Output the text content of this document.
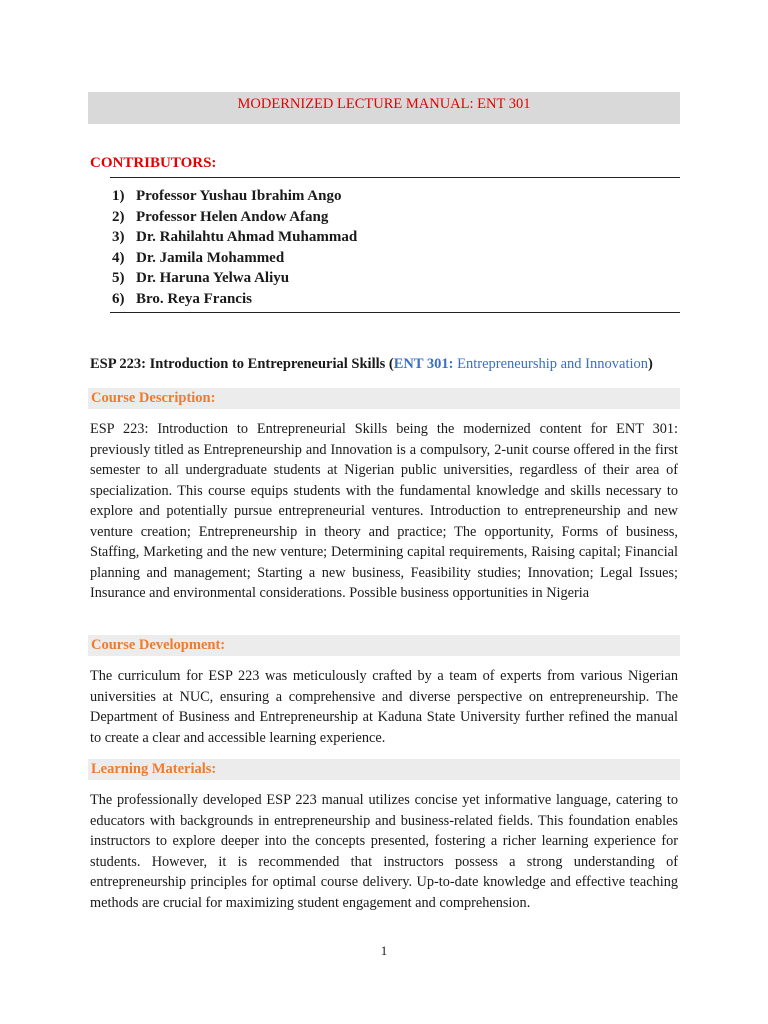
MODERNIZED LECTURE MANUAL: ENT 301
CONTRIBUTORS:
1) Professor Yushau Ibrahim Ango
2) Professor Helen Andow Afang
3) Dr. Rahilahtu Ahmad Muhammad
4) Dr. Jamila Mohammed
5) Dr. Haruna Yelwa Aliyu
6) Bro. Reya Francis
ESP 223: Introduction to Entrepreneurial Skills (ENT 301: Entrepreneurship and Innovation)
Course Description:

ESP 223: Introduction to Entrepreneurial Skills being the modernized content for ENT 301: previously titled as Entrepreneurship and Innovation is a compulsory, 2-unit course offered in the first semester to all undergraduate students at Nigerian public universities, regardless of their area of specialization. This course equips students with the fundamental knowledge and skills necessary to explore and potentially pursue entrepreneurial ventures. Introduction to entrepreneurship and new venture creation; Entrepreneurship in theory and practice; The opportunity, Forms of business, Staffing, Marketing and the new venture; Determining capital requirements, Raising capital; Financial planning and management; Starting a new business, Feasibility studies; Innovation; Legal Issues; Insurance and environmental considerations. Possible business opportunities in Nigeria

Course Development:

The curriculum for ESP 223 was meticulously crafted by a team of experts from various Nigerian universities at NUC, ensuring a comprehensive and diverse perspective on entrepreneurship. The Department of Business and Entrepreneurship at Kaduna State University further refined the manual to create a clear and accessible learning experience.

Learning Materials:

The professionally developed ESP 223 manual utilizes concise yet informative language, catering to educators with backgrounds in entrepreneurship and business-related fields. This foundation enables instructors to explore deeper into the concepts presented, fostering a richer learning experience for students. However, it is recommended that instructors possess a strong understanding of entrepreneurship principles for optimal course delivery. Up-to-date knowledge and effective teaching methods are crucial for maximizing student engagement and comprehension.

1
